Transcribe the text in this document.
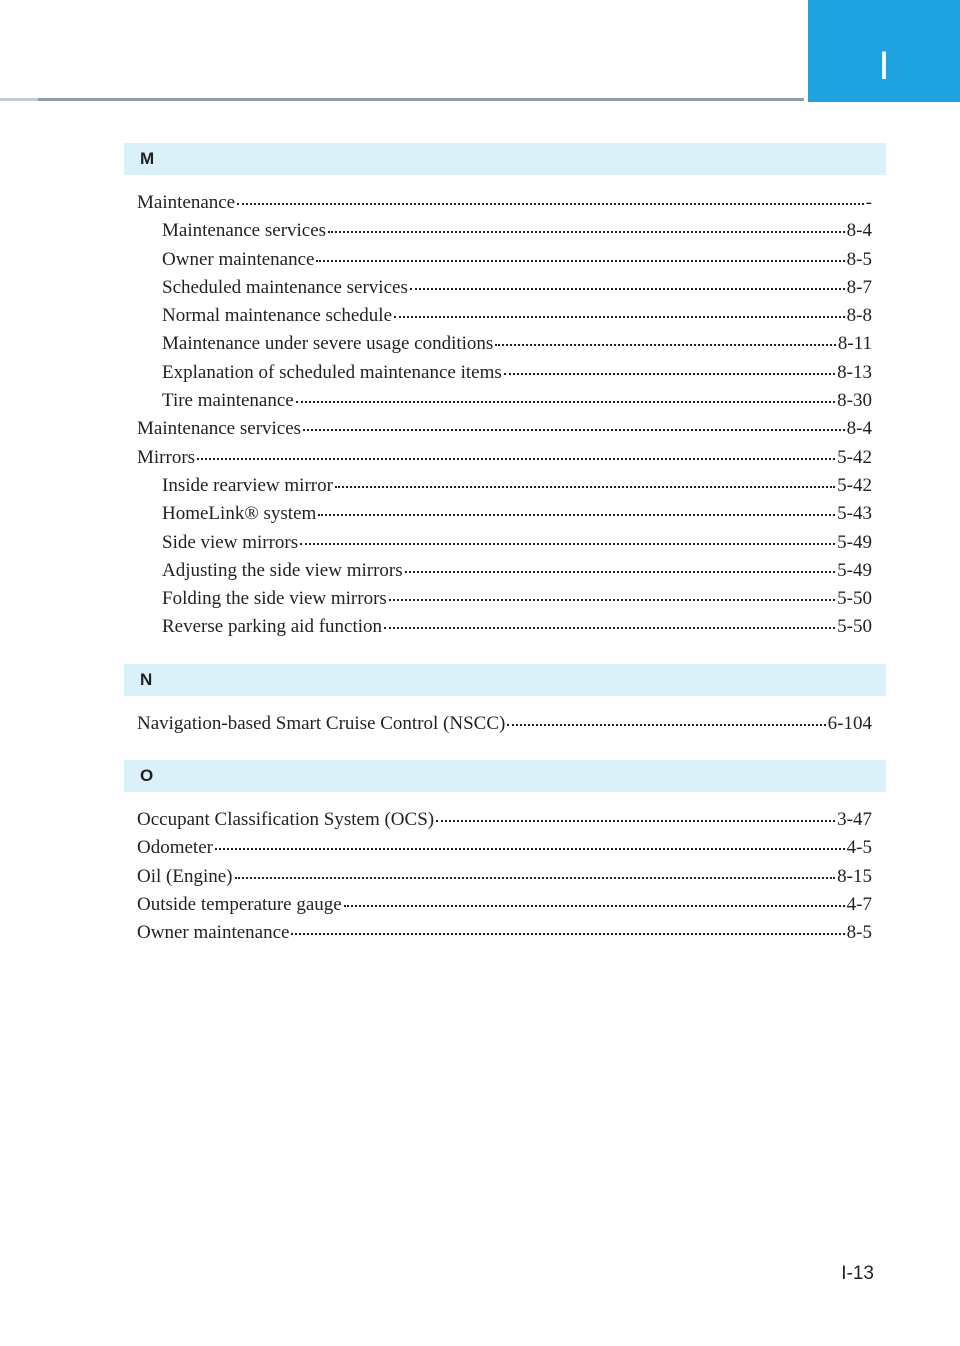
I
M
Maintenance	-
Maintenance services	8-4
Owner maintenance	8-5
Scheduled maintenance services	8-7
Normal maintenance schedule	8-8
Maintenance under severe usage conditions	8-11
Explanation of scheduled maintenance items	8-13
Tire maintenance	8-30
Maintenance services	8-4
Mirrors	5-42
Inside rearview mirror	5-42
HomeLink® system	5-43
Side view mirrors	5-49
Adjusting the side view mirrors	5-49
Folding the side view mirrors	5-50
Reverse parking aid function	5-50
N
Navigation-based Smart Cruise Control (NSCC)	6-104
O
Occupant Classification System (OCS)	3-47
Odometer	4-5
Oil (Engine)	8-15
Outside temperature gauge	4-7
Owner maintenance	8-5
I-13
